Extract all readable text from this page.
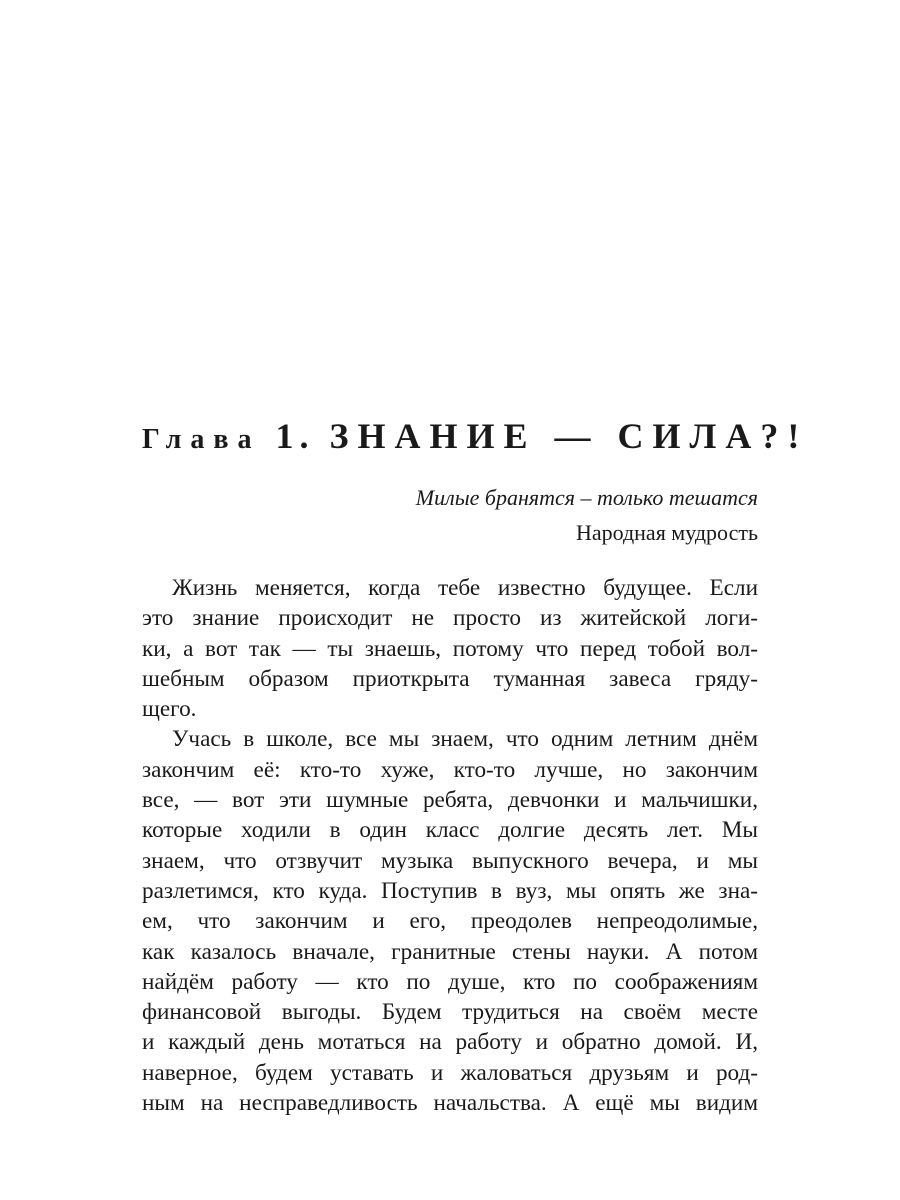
Глава 1. ЗНАНИЕ — СИЛА?!
Милые бранятся – только тешатся
Народная мудрость
Жизнь меняется, когда тебе известно будущее. Если
это знание происходит не просто из житейской логи-
ки, а вот так — ты знаешь, потому что перед тобой вол-
шебным образом приоткрыта туманная завеса гряду-
щего.
Учась в школе, все мы знаем, что одним летним днём
закончим её: кто-то хуже, кто-то лучше, но закончим
все, — вот эти шумные ребята, девчонки и мальчишки,
которые ходили в один класс долгие десять лет. Мы
знаем, что отзвучит музыка выпускного вечера, и мы
разлетимся, кто куда. Поступив в вуз, мы опять же зна-
ем, что закончим и его, преодолев непреодолимые,
как казалось вначале, гранитные стены науки. А потом
найдём работу — кто по душе, кто по соображениям
финансовой выгоды. Будем трудиться на своём месте
и каждый день мотаться на работу и обратно домой. И,
наверное, будем уставать и жаловаться друзьям и род-
ным на несправедливость начальства. А ещё мы видим
